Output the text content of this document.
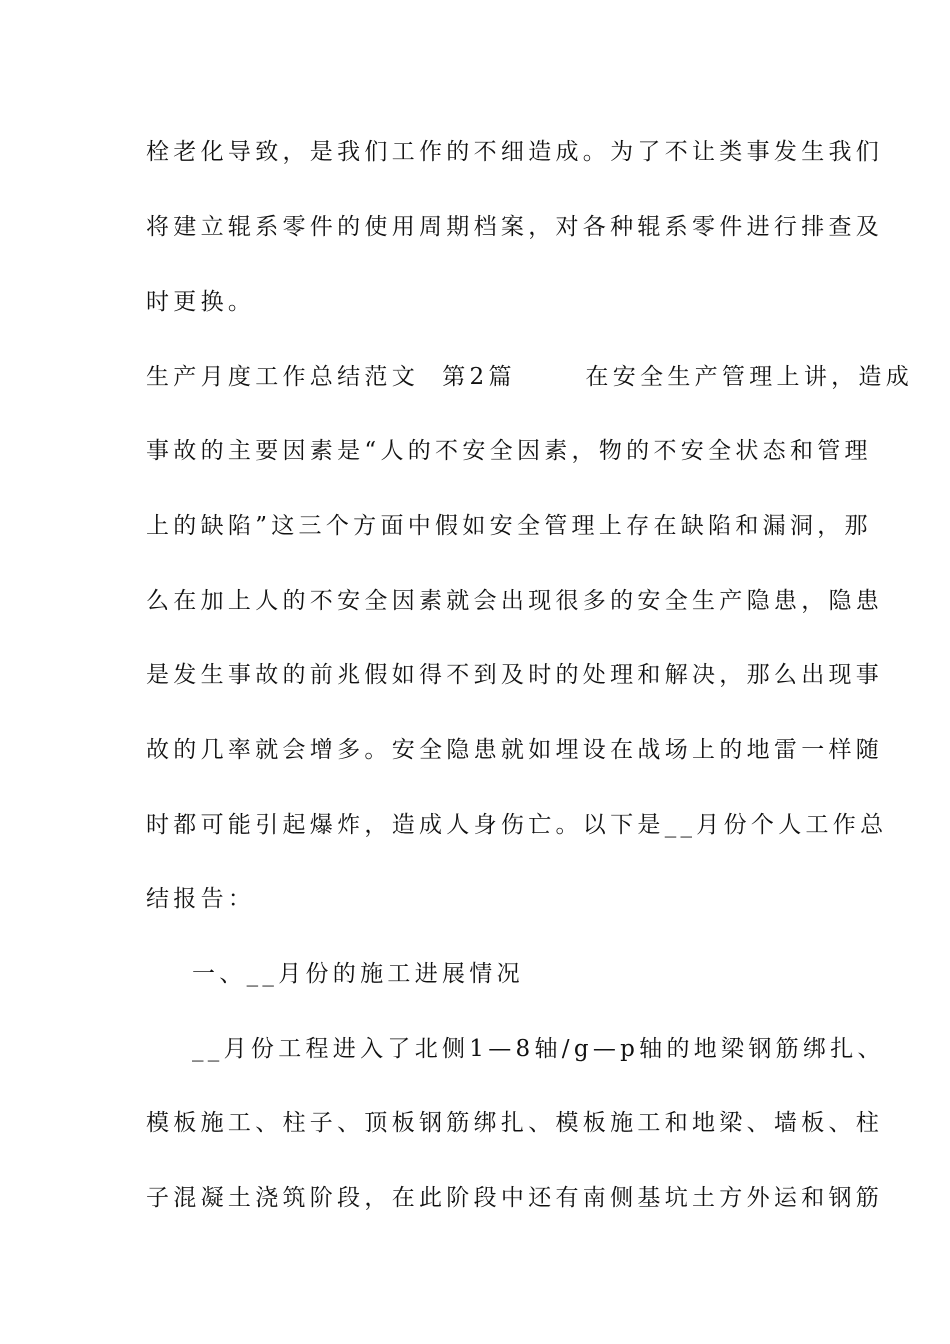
栓老化导致，是我们工作的不细造成。为了不让类事发生我们
将建立辊系零件的使用周期档案，对各种辊系零件进行排查及
时更换。
生产月度工作总结范文  第2篇      在安全生产管理上讲，造成
事故的主要因素是“人的不安全因素，物的不安全状态和管理
上的缺陷”这三个方面中假如安全管理上存在缺陷和漏洞，那
么在加上人的不安全因素就会出现很多的安全生产隐患，隐患
是发生事故的前兆假如得不到及时的处理和解决，那么出现事
故的几率就会增多。安全隐患就如埋设在战场上的地雷一样随
时都可能引起爆炸，造成人身伤亡。以下是__月份个人工作总
结报告：
一、__月份的施工进展情况
__月份工程进入了北侧1—8轴/g—p轴的地梁钢筋绑扎、
模板施工、柱子、顶板钢筋绑扎、模板施工和地梁、墙板、柱
子混凝土浇筑阶段，在此阶段中还有南侧基坑土方外运和钢筋
